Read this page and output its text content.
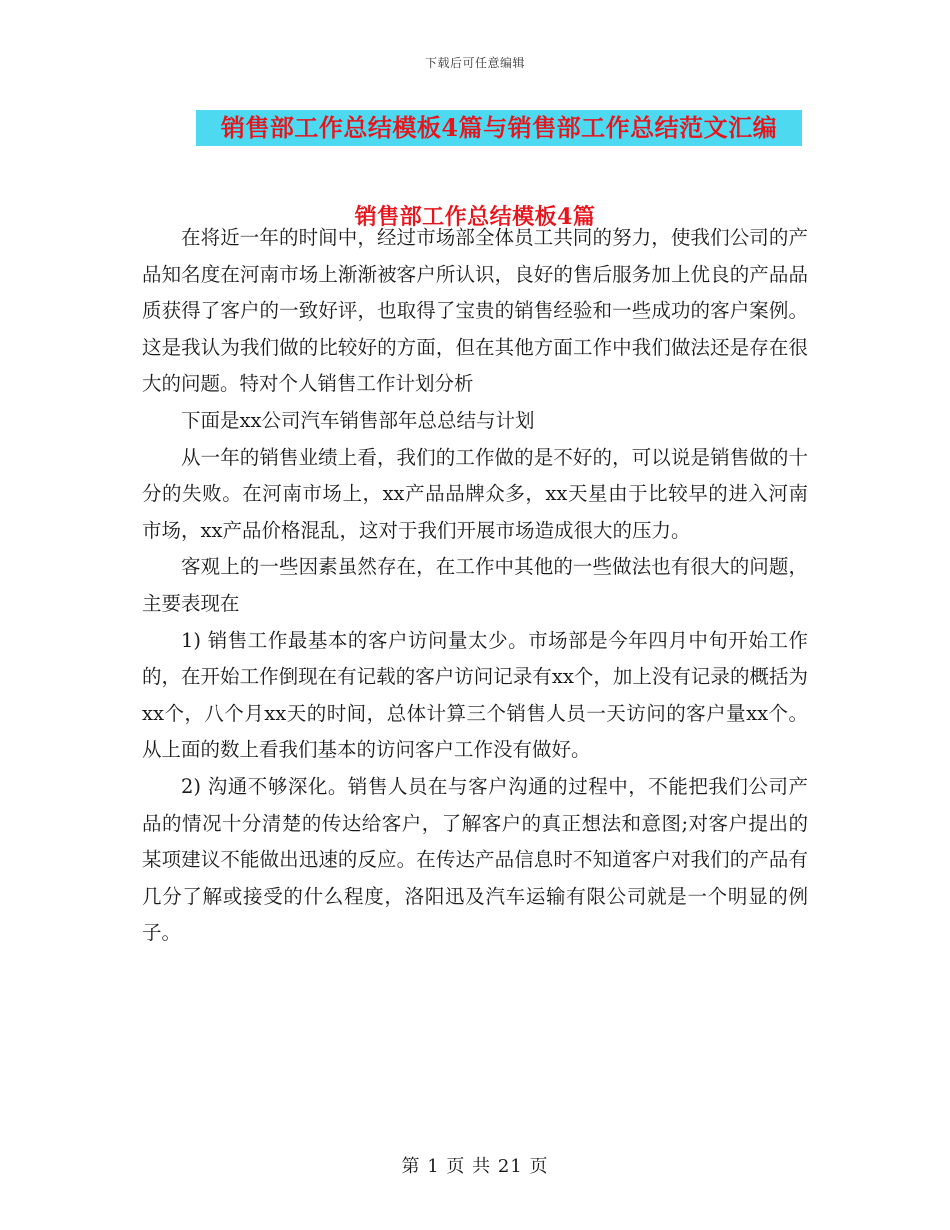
下载后可任意编辑
销售部工作总结模板4篇与销售部工作总结范文汇编
销售部工作总结模板4篇

在将近一年的时间中，经过市场部全体员工共同的努力，使我们公司的产品知名度在河南市场上渐渐被客户所认识，良好的售后服务加上优良的产品品质获得了客户的一致好评，也取得了宝贵的销售经验和一些成功的客户案例。这是我认为我们做的比较好的方面，但在其他方面工作中我们做法还是存在很大的问题。特对个人销售工作计划分析

下面是xx公司汽车销售部年总总结与计划

从一年的销售业绩上看，我们的工作做的是不好的，可以说是销售做的十分的失败。在河南市场上，xx产品品牌众多，xx天星由于比较早的进入河南市场，xx产品价格混乱，这对于我们开展市场造成很大的压力。

客观上的一些因素虽然存在，在工作中其他的一些做法也有很大的问题，主要表现在

1) 销售工作最基本的客户访问量太少。市场部是今年四月中旬开始工作的，在开始工作倒现在有记载的客户访问记录有xx个，加上没有记录的概括为xx个，八个月xx天的时间，总体计算三个销售人员一天访问的客户量xx个。从上面的数上看我们基本的访问客户工作没有做好。

2) 沟通不够深化。销售人员在与客户沟通的过程中，不能把我们公司产品的情况十分清楚的传达给客户，了解客户的真正想法和意图;对客户提出的某项建议不能做出迅速的反应。在传达产品信息时不知道客户对我们的产品有几分了解或接受的什么程度，洛阳迅及汽车运输有限公司就是一个明显的例子。

第 1 页 共 21 页
